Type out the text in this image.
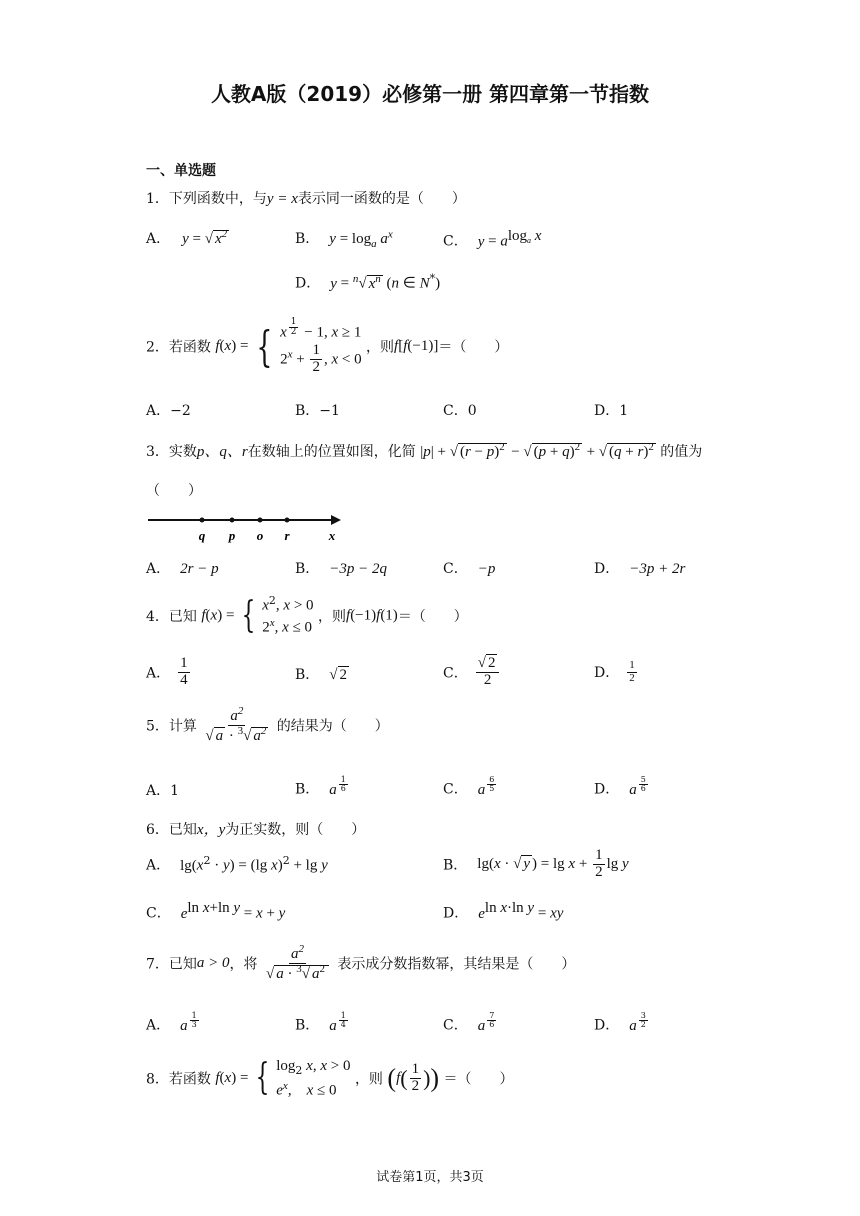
人教A版（2019）必修第一册 第四章第一节指数
一、单选题
1．下列函数中，与y = x表示同一函数的是（　　）
A． y = √ $x^2$	B． $y = \log_a a^x$	C． $y = a^{log_a x}$
D． y = $^n$√ $x^n$ (n ∈ N*)
2．若函数 f(x) = { x $^{\frac{1}{2}}$ − 1, x ≥ 1
$2^x + \frac{1}{2}$ , x < 0
，则f[f(−1)]＝（　　）
A．−2	B．−1	C．0	D．1
3．实数p、q、r在数轴上的位置如图，化简 |p| + √ $(r - p)^2$ − √ $(p + q)^2$ + √ $(q + r)^2$ 的值为
（　　）
q p o r	x
A． 2r − p	B． −3p − 2q	C． −p	D． −3p + 2r
4．已知 f(x) = { $x^2$, x > 0
2$^x$, x ≤ 0
，则f(−1)f(1)＝（　　）
A． $\frac{1}{4}$	B． √ 2	C． $\frac{√ 2}{2}$	D． $\frac{1}{2}$
5．计算 $\frac{a^2}{√ a \cdot ^3√ a^2}$ 的结果为（　　）
A．1	B． a $^{\frac{1}{6}}$	C． a $^{\frac{6}{5}}$	D． a $^{\frac{5}{6}}$
6．已知x，y为正实数，则（　　）
A． $\lg(x^2 \cdot y) = (\lg$ x)$^2$ + lg y	B． lg(x · √ y ) = $\lg x + \frac{1}{2}$ lg y
C． $e^{ln x+ln y} = x + y$	D． $e^{ln x\cdot ln y}$ = xy
7．已知a > 0，将 $\frac{a^2}{√ a \cdot ^3√ a^2}$ 表示成分数指数幂，其结果是（　　）
A． a $^{\frac{1}{3}}$	B． a $^{\frac{1}{4}}$	C． a $^{\frac{7}{6}}$	D． a $^{\frac{3}{2}}$
8．若函数 f(x) = { $\log_2 x$, x > 0
$e^x$,　x ≤ 0
，则 ($f( \frac{1}{2}$ )) ＝（　　）
试卷第1页，共3页
